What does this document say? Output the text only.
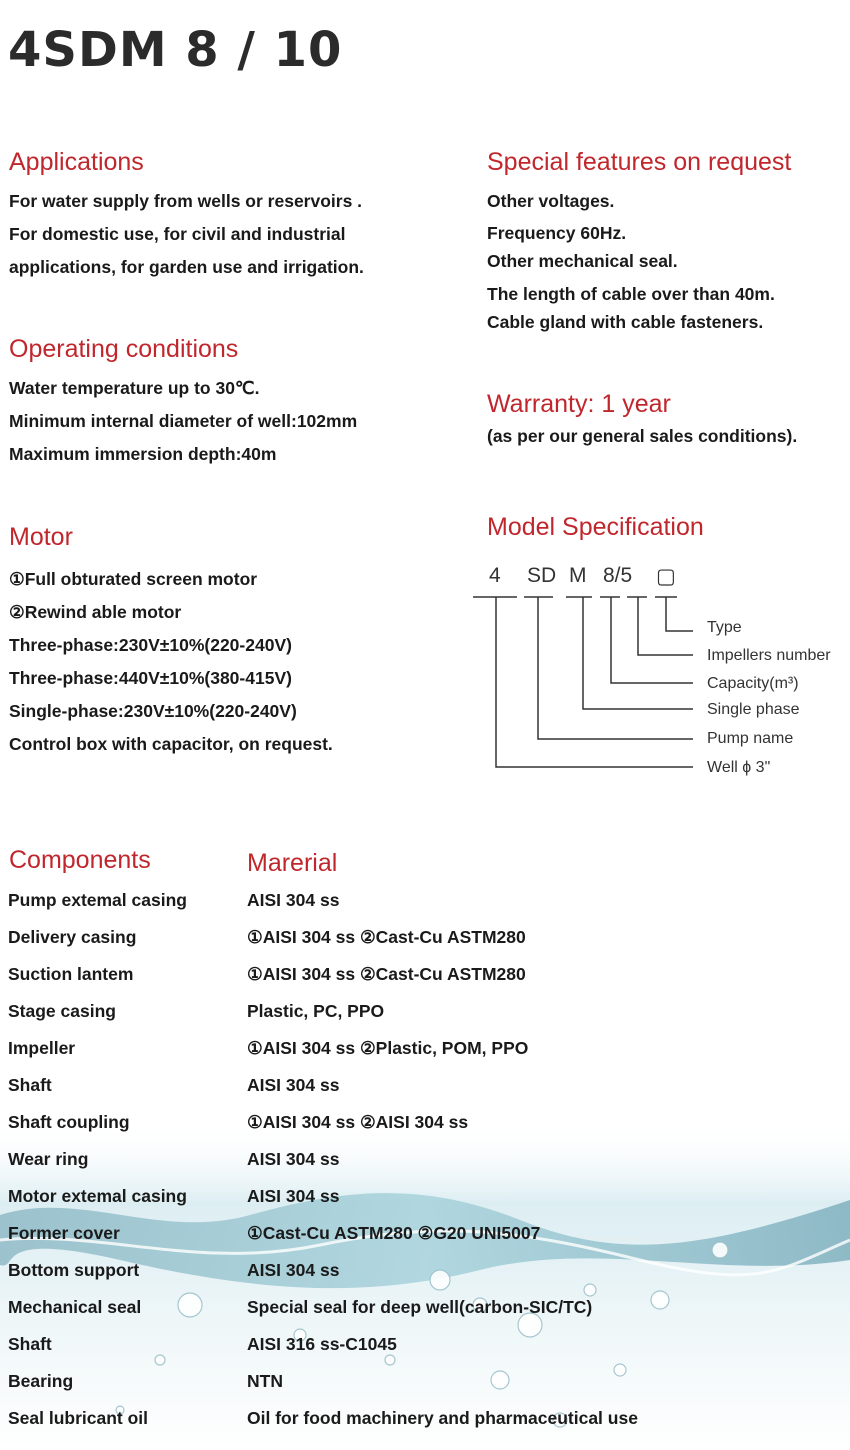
4SDM 8 / 10
Applications
For water supply from wells or reservoirs .
For domestic use, for civil and industrial
applications, for garden use and irrigation.
Special features on request
Other voltages.
Frequency 60Hz.
Other mechanical seal.
The length of cable over than 40m.
Cable gland with cable fasteners.
Operating conditions
Water temperature up to 30℃.
Minimum internal diameter of well:102mm
Maximum immersion depth:40m
Warranty: 1 year
(as per our general sales conditions).
Motor
①Full obturated screen motor
②Rewind able motor
Three-phase:230V±10%(220-240V)
Three-phase:440V±10%(380-415V)
Single-phase:230V±10%(220-240V)
Control box with capacitor, on request.
Model Specification
4 SD M 8/5 ▢
Type
Impellers number
Capacity(m³)
Single phase
Pump name
Well ϕ 3"
Components	Marerial
Pump extemal casing	AISI 304 ss
Delivery casing	①AISI 304 ss ②Cast-Cu ASTM280
Suction lantem	①AISI 304 ss ②Cast-Cu ASTM280
Stage casing	Plastic, PC, PPO
Impeller	①AISI 304 ss ②Plastic, POM, PPO
Shaft	AISI 304 ss
Shaft coupling	①AISI 304 ss ②AISI 304 ss
Wear ring	AISI 304 ss
Motor extemal casing	AISI 304 ss
Former cover	①Cast-Cu ASTM280 ②G20 UNI5007
Bottom support	AISI 304 ss
Mechanical seal	Special seal for deep well(carbon-SIC/TC)
Shaft	AISI 316 ss-C1045
Bearing	NTN
Seal lubricant oil	Oil for food machinery and pharmaceutical use
